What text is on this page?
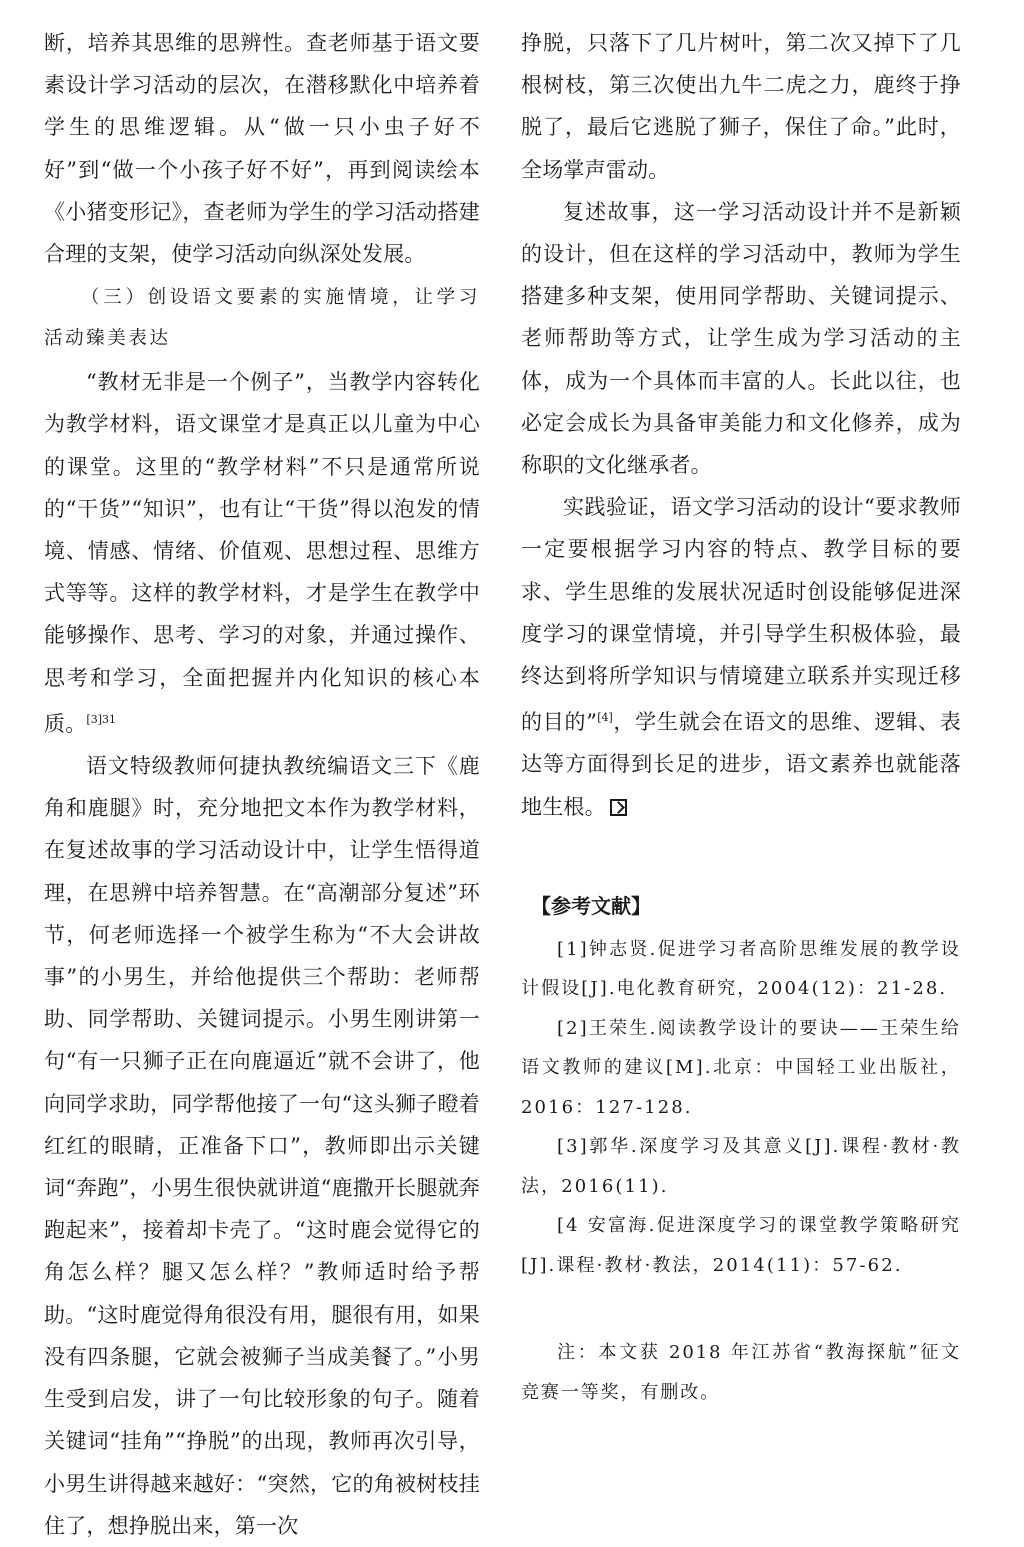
断，培养其思维的思辨性。查老师基于语文要素设计学习活动的层次，在潜移默化中培养着学生的思维逻辑。从“做一只小虫子好不好”到“做一个小孩子好不好”，再到阅读绘本《小猪变形记》，查老师为学生的学习活动搭建合理的支架，使学习活动向纵深处发展。

（三）创设语文要素的实施情境，让学习活动臻美表达

“教材无非是一个例子”，当教学内容转化为教学材料，语文课堂才是真正以儿童为中心的课堂。这里的“教学材料”不只是通常所说的“干货”“知识”，也有让“干货”得以泡发的情境、情感、情绪、价值观、思想过程、思维方式等等。这样的教学材料，才是学生在教学中能够操作、思考、学习的对象，并通过操作、思考和学习，全面把握并内化知识的核心本质。$^{[3]31}$

语文特级教师何捷执教统编语文三下《鹿角和鹿腿》时，充分地把文本作为教学材料，在复述故事的学习活动设计中，让学生悟得道理，在思辨中培养智慧。在“高潮部分复述”环节，何老师选择一个被学生称为“不大会讲故事”的小男生，并给他提供三个帮助：老师帮助、同学帮助、关键词提示。小男生刚讲第一句“有一只狮子正在向鹿逼近”就不会讲了，他向同学求助，同学帮他接了一句“这头狮子瞪着红红的眼睛，正准备下口”，教师即出示关键词“奔跑”，小男生很快就讲道“鹿撒开长腿就奔跑起来”，接着却卡壳了。“这时鹿会觉得它的角怎么样？腿又怎么样？”教师适时给予帮助。“这时鹿觉得角很没有用，腿很有用，如果没有四条腿，它就会被狮子当成美餐了。”小男生受到启发，讲了一句比较形象的句子。随着关键词“挂角”“挣脱”的出现，教师再次引导，小男生讲得越来越好：“突然，它的角被树枝挂住了，想挣脱出来，第一次

挣脱，只落下了几片树叶，第二次又掉下了几根树枝，第三次使出九牛二虎之力，鹿终于挣脱了，最后它逃脱了狮子，保住了命。”此时，全场掌声雷动。

复述故事，这一学习活动设计并不是新颖的设计，但在这样的学习活动中，教师为学生搭建多种支架，使用同学帮助、关键词提示、老师帮助等方式，让学生成为学习活动的主体，成为一个具体而丰富的人。长此以往，也必定会成长为具备审美能力和文化修养，成为称职的文化继承者。

实践验证，语文学习活动的设计“要求教师一定要根据学习内容的特点、教学目标的要求、学生思维的发展状况适时创设能够促进深度学习的课堂情境，并引导学生积极体验，最终达到将所学知识与情境建立联系并实现迁移的目的”[4]，学生就会在语文的思维、逻辑、表达等方面得到长足的进步，语文素养也就能落地生根。

【参考文献】

[1]钟志贤.促进学习者高阶思维发展的教学设计假设[J].电化教育研究，2004(12)：21-28.

[2]王荣生.阅读教学设计的要诀——王荣生给语文教师的建议[M].北京：中国轻工业出版社，2016：127-128.

[3]郭华.深度学习及其意义[J].课程·教材·教法，2016(11).

[4 安富海.促进深度学习的课堂教学策略研究[J].课程·教材·教法，2014(11)：57-62.

注：本文获 2018 年江苏省“教海探航”征文竞赛一等奖，有删改。
